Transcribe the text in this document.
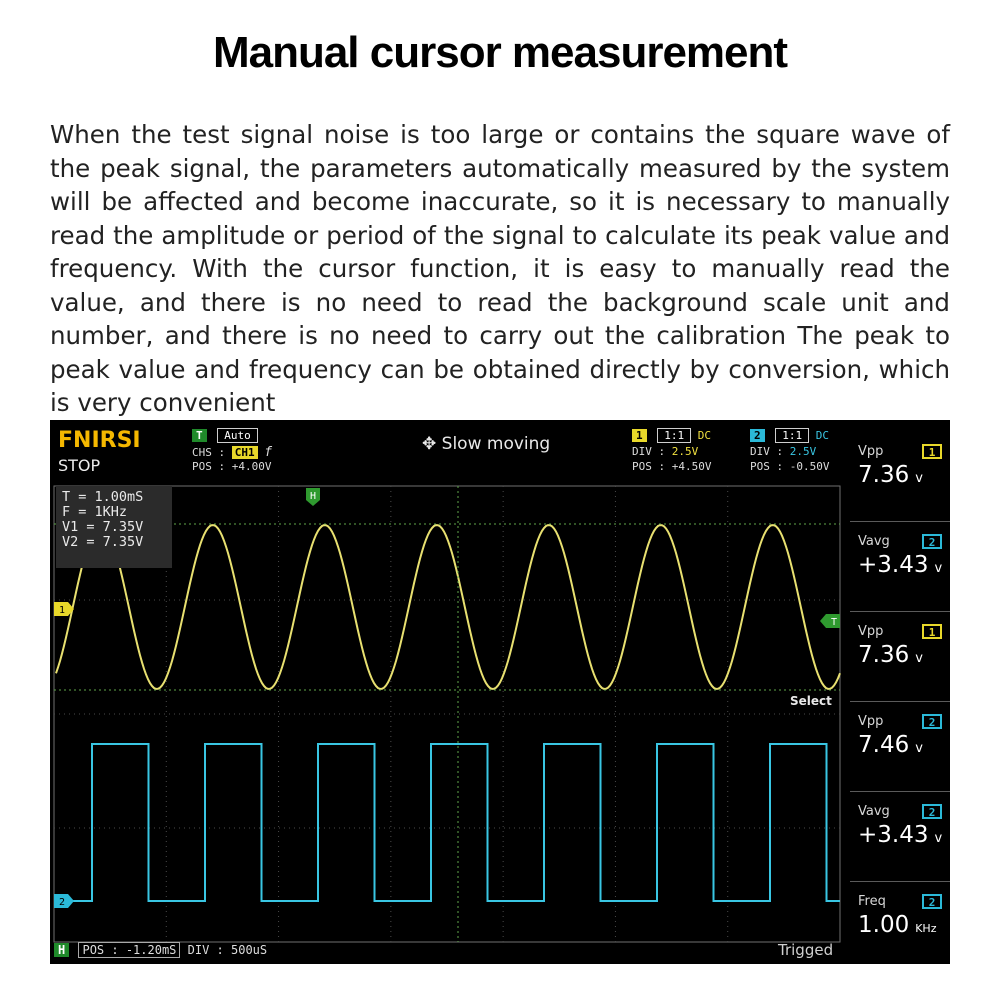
Manual cursor measurement
When the test signal noise is too large or contains the square wave of the peak signal, the parameters automatically measured by the system will be affected and become inaccurate, so it is necessary to manually read the amplitude or period of the signal to calculate its peak value and frequency. With the cursor function, it is easy to manually read the value, and there is no need to read the background scale unit and number, and there is no need to carry out the calibration The peak to peak value and frequency can be obtained directly by conversion, which is very convenient
FNIRSI
STOP
T Auto
CHS : CH1 f
POS : +4.00V
✥ Slow moving	1 1:1 DC
DIV : 2.5V
POS : +4.50V
2 1:1 DC
DIV : 2.5V
POS : -0.50V
H
T
1
2
T = 1.00mS
F = 1KHz
V1 = 7.35V
V2 = 7.35V
Select
H POS : -1.20mS DIV : 500uS	Trigged
Vpp	1
7.36 v
Vavg	2
+3.43 v
Vpp	1
7.36 v
Vpp	2
7.46 v
Vavg	2
+3.43 v
Freq	2
1.00 KHz
